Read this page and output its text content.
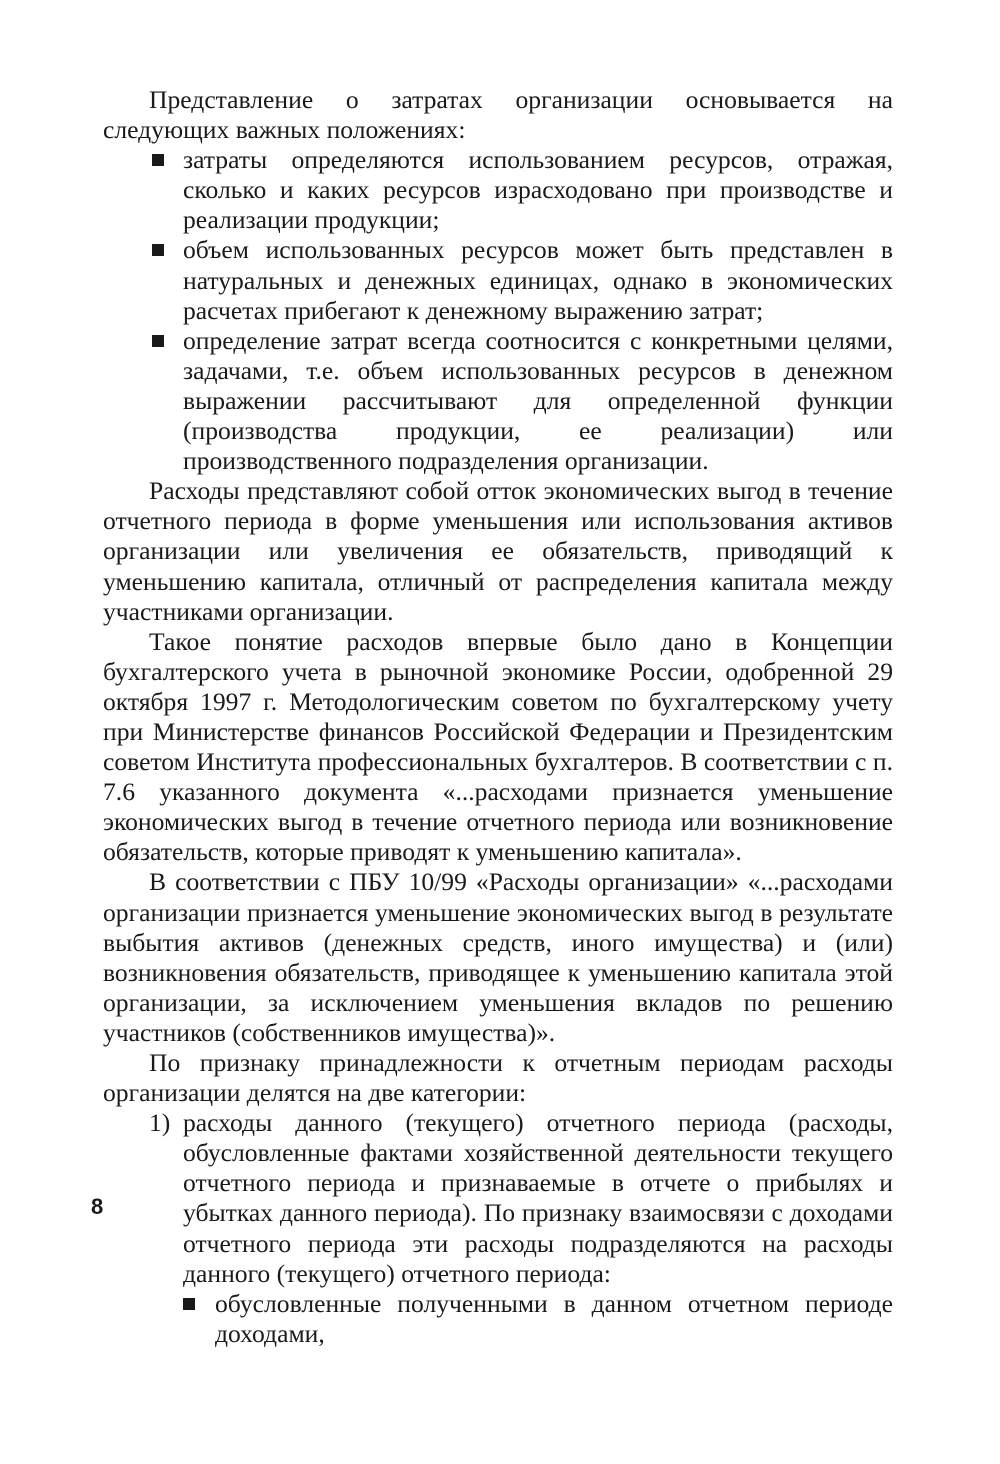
Представление о затратах организации основывается на следующих важных положениях:

затраты определяются использованием ресурсов, отражая, сколько и каких ресурсов израсходовано при производстве и реализации продукции;
объем использованных ресурсов может быть представлен в натуральных и денежных единицах, однако в экономических расчетах прибегают к денежному выражению затрат;
определение затрат всегда соотносится с конкретными целями, задачами, т.е. объем использованных ресурсов в денежном выражении рассчитывают для определенной функции (производства продукции, ее реализации) или производственного подразделения организации.

Расходы представляют собой отток экономических выгод в течение отчетного периода в форме уменьшения или использования активов организации или увеличения ее обязательств, приводящий к уменьшению капитала, отличный от распределения капитала между участниками организации.

Такое понятие расходов впервые было дано в Концепции бухгалтерского учета в рыночной экономике России, одобренной 29 октября 1997 г. Методологическим советом по бухгалтерскому учету при Министерстве финансов Российской Федерации и Президентским советом Института профессиональных бухгалтеров. В соответствии с п. 7.6 указанного документа «...расходами признается уменьшение экономических выгод в течение отчетного периода или возникновение обязательств, которые приводят к уменьшению капитала».

В соответствии с ПБУ 10/99 «Расходы организации» «...расходами организации признается уменьшение экономических выгод в результате выбытия активов (денежных средств, иного имущества) и (или) возникновения обязательств, приводящее к уменьшению капитала этой организации, за исключением уменьшения вкладов по решению участников (собственников имущества)».

По признаку принадлежности к отчетным периодам расходы организации делятся на две категории:

1) расходы данного (текущего) отчетного периода (расходы, обусловленные фактами хозяйственной деятельности текущего отчетного периода и признаваемые в отчете о прибылях и убытках данного периода). По признаку взаимосвязи с доходами отчетного периода эти расходы подразделяются на расходы данного (текущего) отчетного периода:
обусловленные полученными в данном отчетном периоде доходами,
8
